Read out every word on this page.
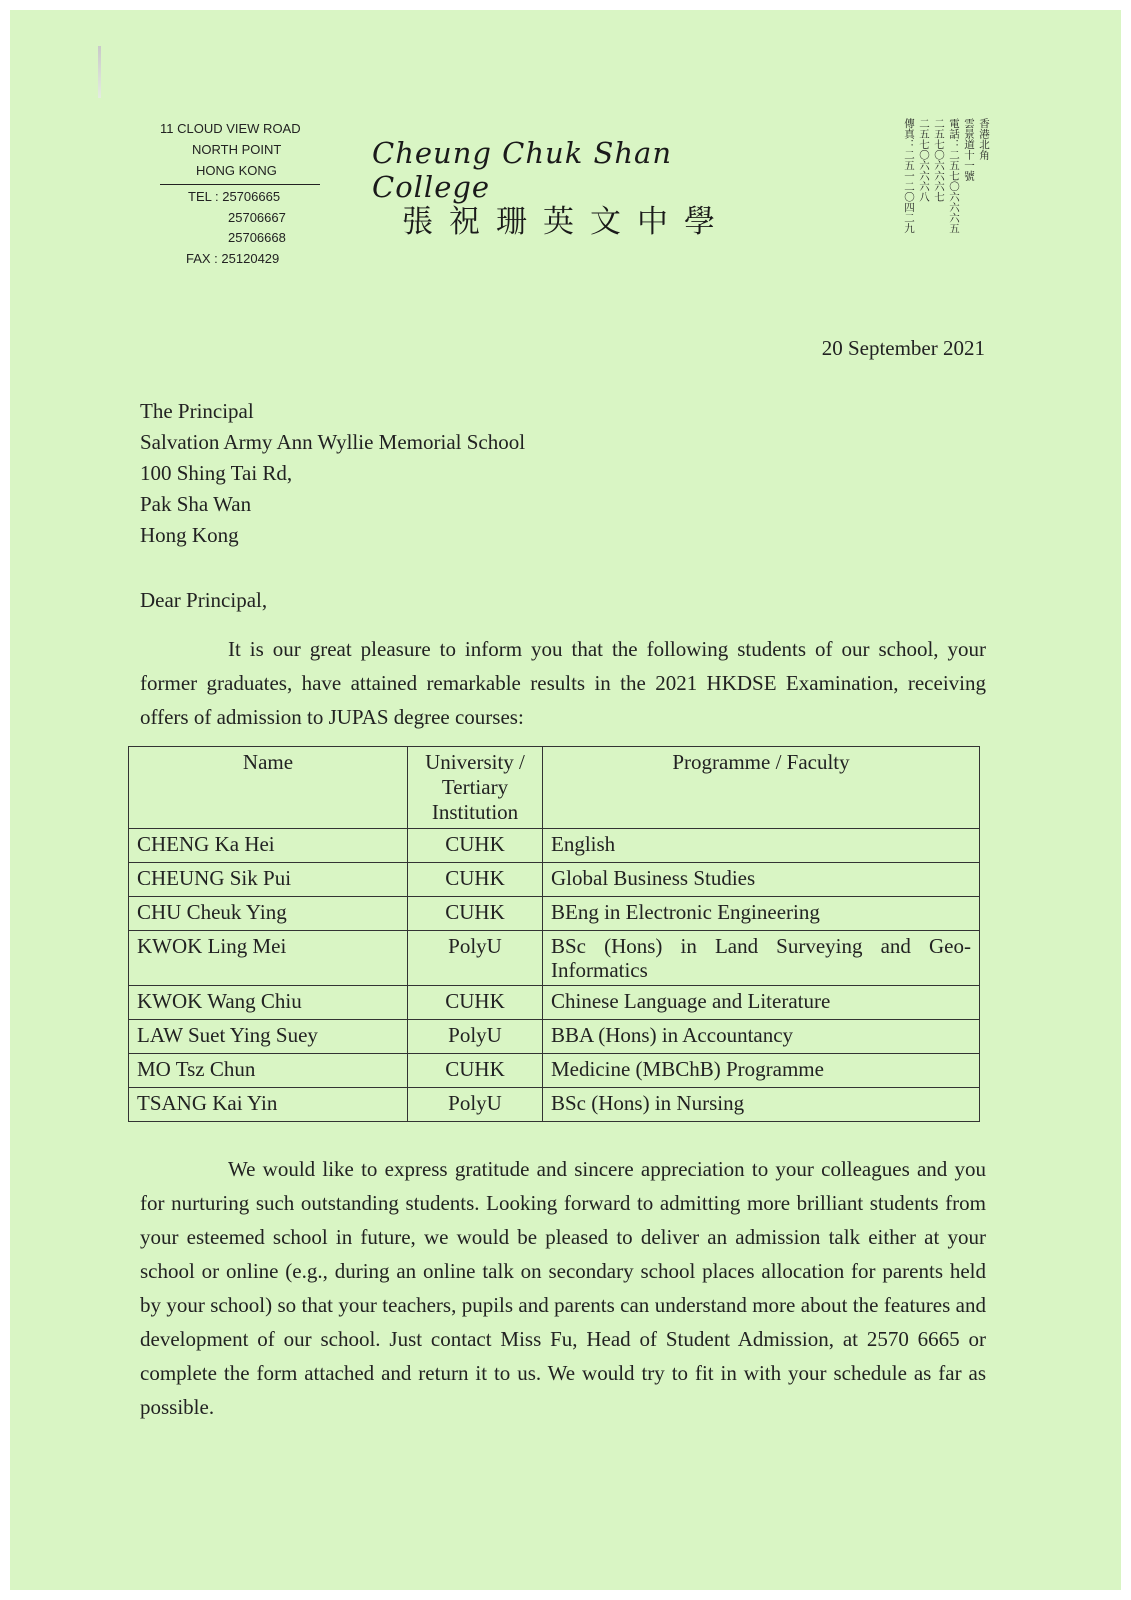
11 CLOUD VIEW ROAD
NORTH POINT
HONG KONG
TEL : 25706665
25706667
25706668
FAX : 25120429
Cheung Chuk Shan College
張祝珊英文中學
香港北角
雲景道十一號
電話：二五七〇六六六五
二五七〇六六六七
二五七〇六六六八
傳真：二五一二〇四二九
20 September 2021
The Principal
Salvation Army Ann Wyllie Memorial School
100 Shing Tai Rd,
Pak Sha Wan
Hong Kong
Dear Principal,
It is our great pleasure to inform you that the following students of our school, your former graduates, have attained remarkable results in the 2021 HKDSE Examination, receiving offers of admission to JUPAS degree courses:
Name	University /
Tertiary
Institution	Programme / Faculty
CHENG Ka Hei	CUHK	English
CHEUNG Sik Pui	CUHK	Global Business Studies
CHU Cheuk Ying	CUHK	BEng in Electronic Engineering
KWOK Ling Mei	PolyU	BSc (Hons) in Land Surveying and Geo-Informatics
KWOK Wang Chiu	CUHK	Chinese Language and Literature
LAW Suet Ying Suey	PolyU	BBA (Hons) in Accountancy
MO Tsz Chun	CUHK	Medicine (MBChB) Programme
TSANG Kai Yin	PolyU	BSc (Hons) in Nursing
We would like to express gratitude and sincere appreciation to your colleagues and you for nurturing such outstanding students. Looking forward to admitting more brilliant students from your esteemed school in future, we would be pleased to deliver an admission talk either at your school or online (e.g., during an online talk on secondary school places allocation for parents held by your school) so that your teachers, pupils and parents can understand more about the features and development of our school. Just contact Miss Fu, Head of Student Admission, at 2570 6665 or complete the form attached and return it to us. We would try to fit in with your schedule as far as possible.
